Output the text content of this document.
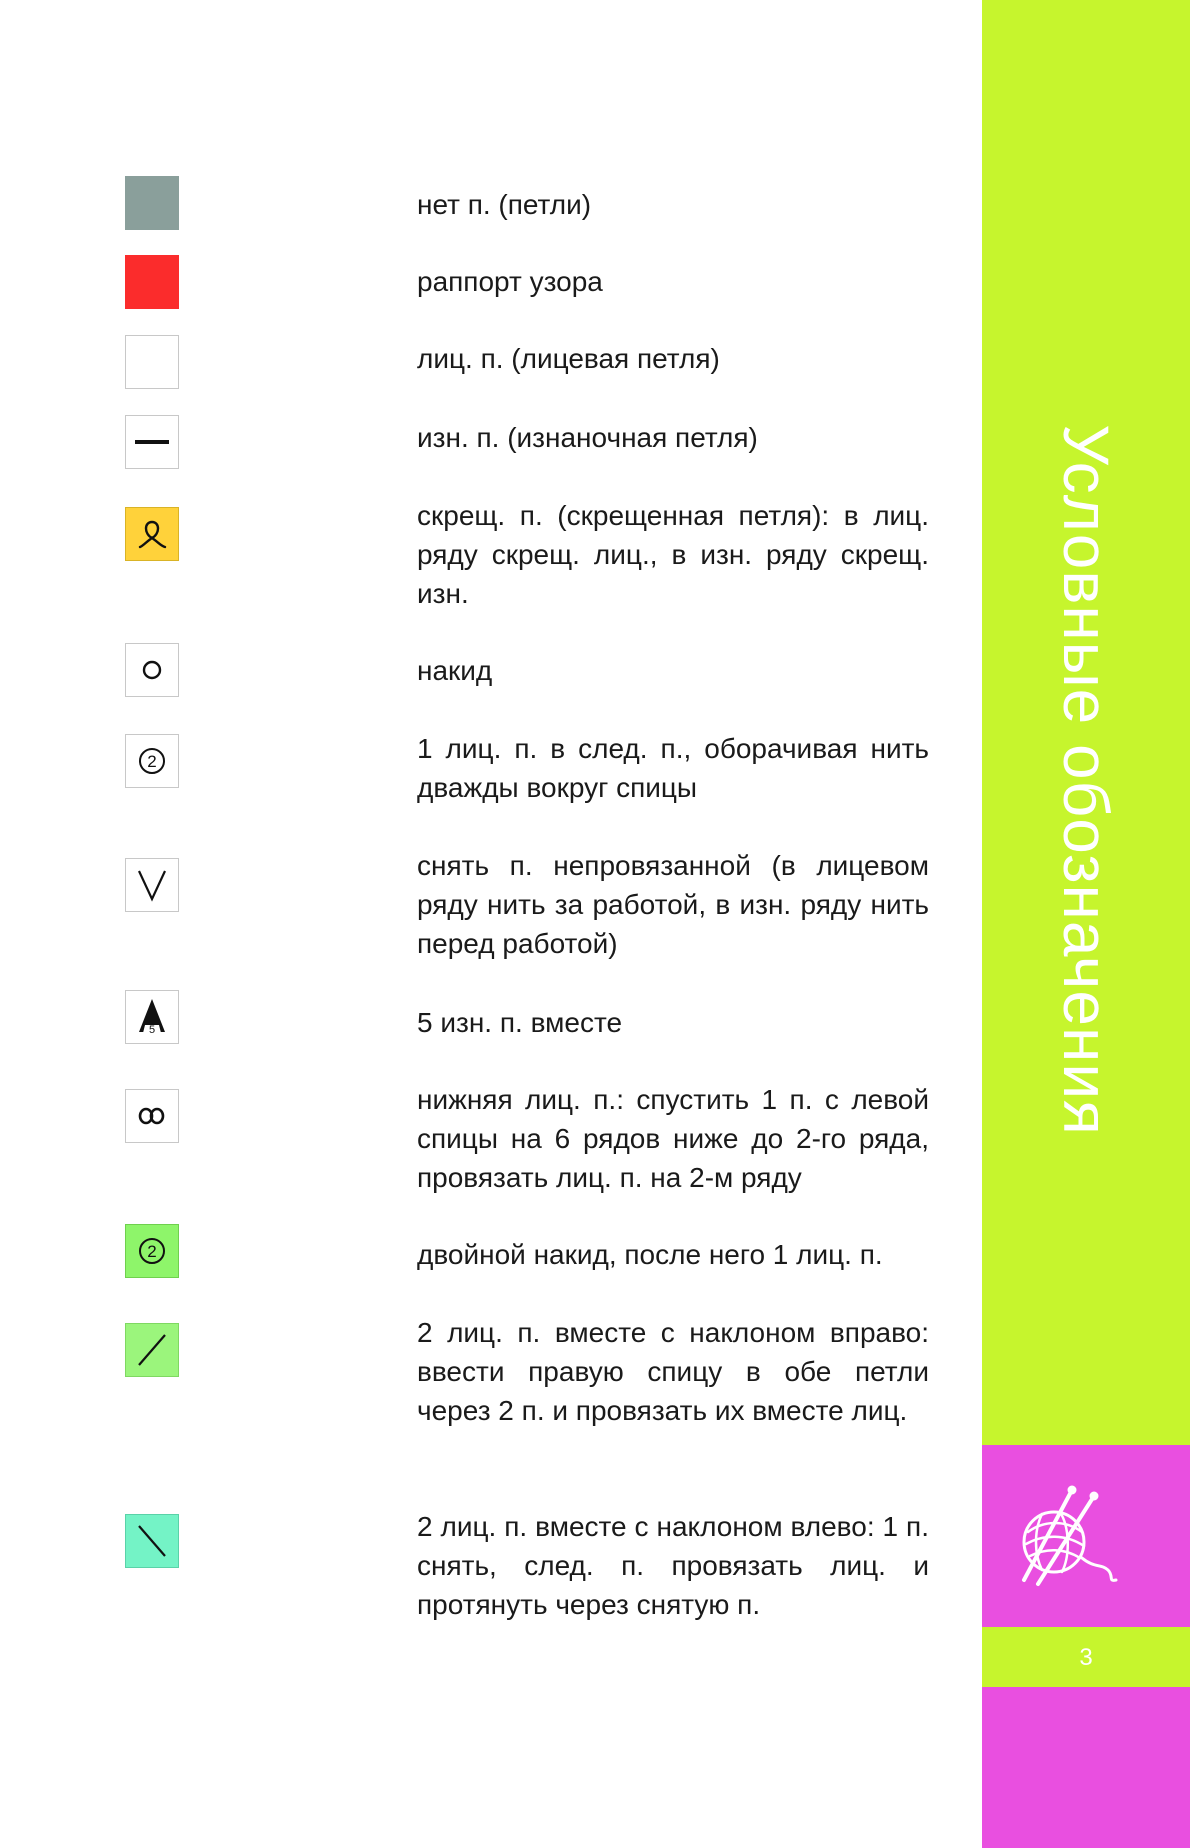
нет п. (петли)
раппорт узора
лиц. п. (лицевая петля)
изн. п. (изнаночная петля)
скрещ. п. (скрещенная петля): в лиц. ряду скрещ. лиц., в изн. ряду скрещ. изн.
накид
2	1 лиц. п. в след. п., оборачивая нить дважды вокруг спицы
снять п. непровязанной (в лицевом ряду нить за работой, в изн. ряду нить перед работой)
5	5 изн. п. вместе
нижняя лиц. п.: спустить 1 п. с левой спицы на 6 рядов ниже до 2-го ряда, провязать лиц. п. на 2-м ряду
2	двойной накид, после него 1 лиц. п.
2 лиц. п. вместе с наклоном вправо: ввести правую спицу в обе петли через 2 п. и провязать их вместе лиц.
2 лиц. п. вместе с наклоном влево: 1 п. снять, след. п. провязать лиц. и протянуть через снятую п.
Условные обозначения
3
